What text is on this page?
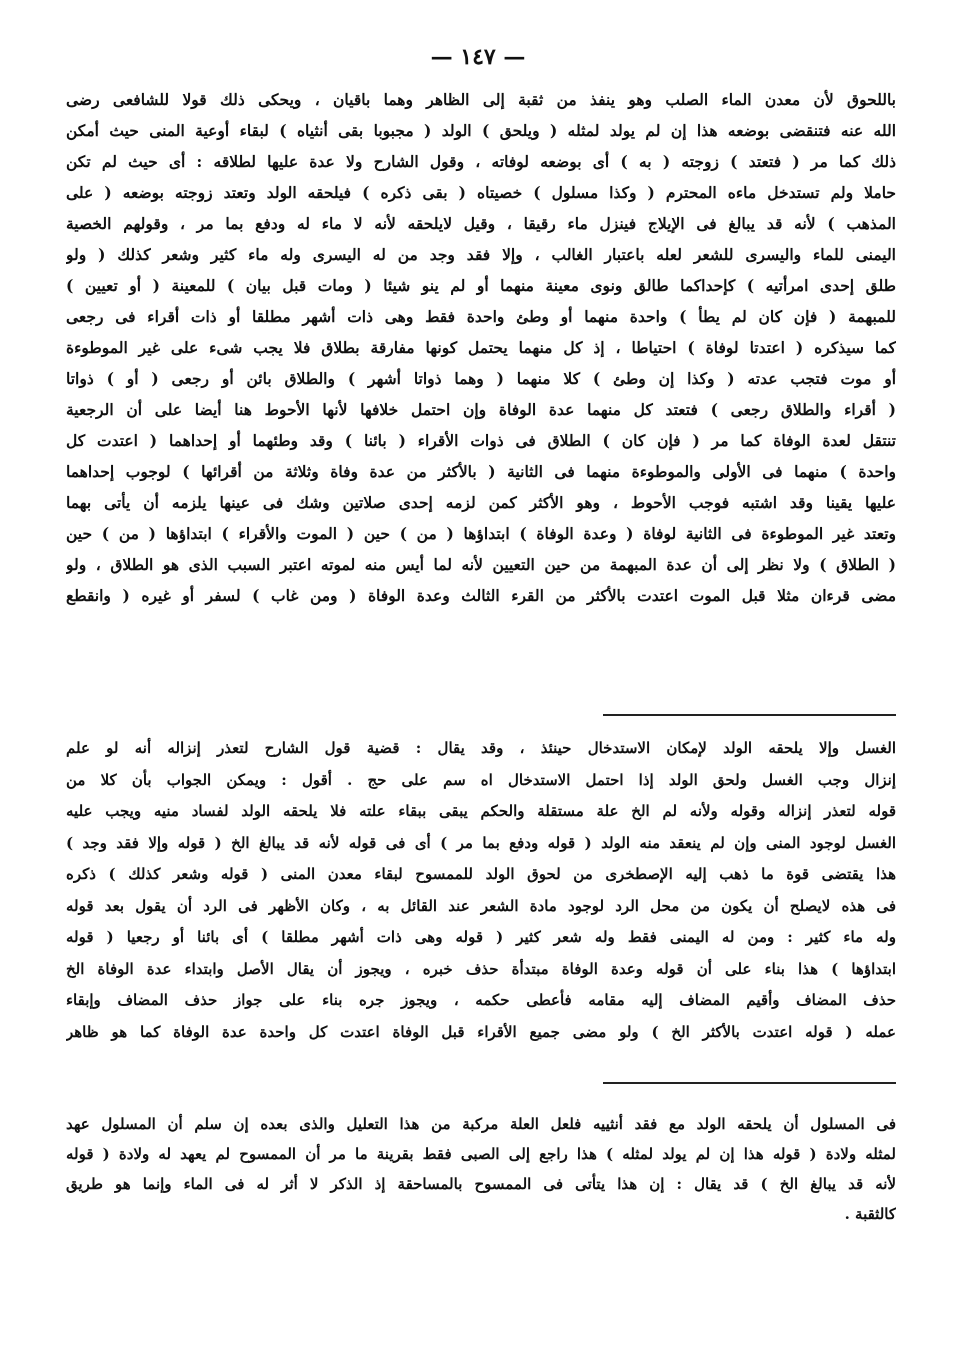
— ١٤٧ —
باللحوق لأن معدن الماء الصلب وهو ينفذ من ثقبة إلى الظاهر وهما باقيان ، ويحكى ذلك قولا للشافعى رضى
الله عنه فتنقضى بوضعه هذا إن لم يولد لمثله ( ويلحق ) الولد ( مجبوبا بقى أنثياه ) لبقاء أوعية المنى حيث أمكن
ذلك كما مر ( فتعتد ) زوجته ( به ) أى بوضعه لوفاته ، وقول الشارح ولا عدة عليها لطلاقه : أى حيث لم تكن
حاملا ولم تستدخل ماءه المحترم ( وكذا مسلول ) خصيتاه ( بقى ذكره ) فيلحقه الولد وتعتد زوجته بوضعه ( على
المذهب ) لأنه قد يبالغ فى الإيلاج فينزل ماء رقيقا ، وقيل لايلحقه لأنه لا ماء له ودفع بما مر ، وقولهم الخصية
اليمنى للماء واليسرى للشعر لعله باعتبار الغالب ، وإلا فقد وجد من له اليسرى وله ماء كثير وشعر كذلك ( ولو
طلق إحدى امرأتيه ) كإحداكما طالق ونوى معينة منهما أو لم ينو شيئا ( ومات قبل بيان ) للمعينة ( أو تعيين )
للمبهمة ( فإن كان لم يطأ ) واحدة منهما أو وطئ واحدة فقط وهى ذات أشهر مطلقا أو ذات أقراء فى رجعى
كما سيذكره ( اعتدتا لوفاة ) احتياطا ، إذ كل منهما يحتمل كونها مفارقة بطلاق فلا يجب شىء على غير الموطوءة
أو موت فتجب عدته ( وكذا إن وطئ ) كلا منهما ( وهما ذواتا أشهر ) والطلاق بائن أو رجعى ( أو ) ذواتا
( أقراء والطلاق رجعى ) فتعتد كل منهما عدة الوفاة وإن احتمل خلافها لأنها الأحوط هنا أيضا على أن الرجعية
تنتقل لعدة الوفاة كما مر ( فإن كان ) الطلاق فى ذوات الأقراء ( بائنا ) وقد وطئهما أو إحداهما ( اعتدت كل
واحدة ) منهما فى الأولى والموطوءة منهما فى الثانية ( بالأكثر من عدة وفاة وثلاثة من أقرائها ) لوجوب إحداهما
عليها يقينا وقد اشتبه فوجب الأحوط ، وهو الأكثر كمن لزمه إحدى صلاتين وشك فى عينها يلزمه أن يأتى بهما
وتعتد غير الموطوءة فى الثانية لوفاة ( وعدة الوفاة ) ابتداؤها ( من ) حين ( الموت والأقراء ) ابتداؤها ( من ) حين
( الطلاق ) ولا نظر إلى أن عدة المبهمة من حين التعيين لأنه لما أيس منه لموته اعتبر السبب الذى هو الطلاق ، ولو
مضى قرءان مثلا قبل الموت اعتدت بالأكثر من القرء الثالث وعدة الوفاة ( ومن غاب ) لسفر أو غيره ( وانقطع
الغسل وإلا يلحقه الولد لإمكان الاستدخال حينئذ ، وقد يقال : قضية قول الشارح لتعذر إنزاله أنه لو علم
إنزال وجب الغسل ولحق الولد إذا احتمل الاستدخال اه سم على حج . أقول : ويمكن الجواب بأن كلا من
قوله لتعذر إنزاله وقوله ولأنه لم الخ علة مستقلة والحكم يبقى ببقاء علته فلا يلحقه الولد لفساد منيه ويجب عليه
الغسل لوجود المنى وإن لم ينعقد منه الولد ( قوله ودفع بما مر ) أى فى قوله لأنه قد يبالغ الخ ( قوله وإلا فقد وجد )
هذا يقتضى قوة ما ذهب إليه الإصطخرى من لحوق الولد للممسوح لبقاء معدن المنى ( قوله وشعر كذلك ) ذكره
فى هذه لايصلح أن يكون من محل الرد لوجود مادة الشعر عند القائل به ، وكان الأظهر فى الرد أن يقول بعد قوله
وله ماء كثير : ومن له اليمنى فقط وله شعر كثير ( قوله وهى ذات أشهر مطلقا ) أى بائنا أو رجعيا ( قوله
ابتداؤها ) هذا بناء على أن قوله وعدة الوفاة مبتدأة حذف خبره ، ويجوز أن يقال الأصل وابتداء عدة الوفاة الخ
حذف المضاف وأقيم المضاف إليه مقامه فأعطى حكمه ، ويجوز جره بناء على جواز حذف المضاف وإبقاء
عمله ( قوله اعتدت بالأكثر الخ ) ولو مضى جميع الأقراء قبل الوفاة اعتدت كل واحدة عدة الوفاة كما هو ظاهر
فى المسلول أن يلحقه الولد مع فقد أنثييه فلعل العلة مركبة من هذا التعليل والذى بعده إن سلم أن المسلول عهد
لمثله ولادة ( قوله هذا إن لم يولد لمثله ) هذا راجع إلى الصبى فقط بقرينة ما مر أن الممسوح لم يعهد له ولادة ( قوله
لأنه قد يبالغ الخ ) قد يقال : إن هذا يتأتى فى الممسوح بالمساحقة إذ الذكر لا أثر له فى الماء وإنما هو طريق
كالثقبة .
